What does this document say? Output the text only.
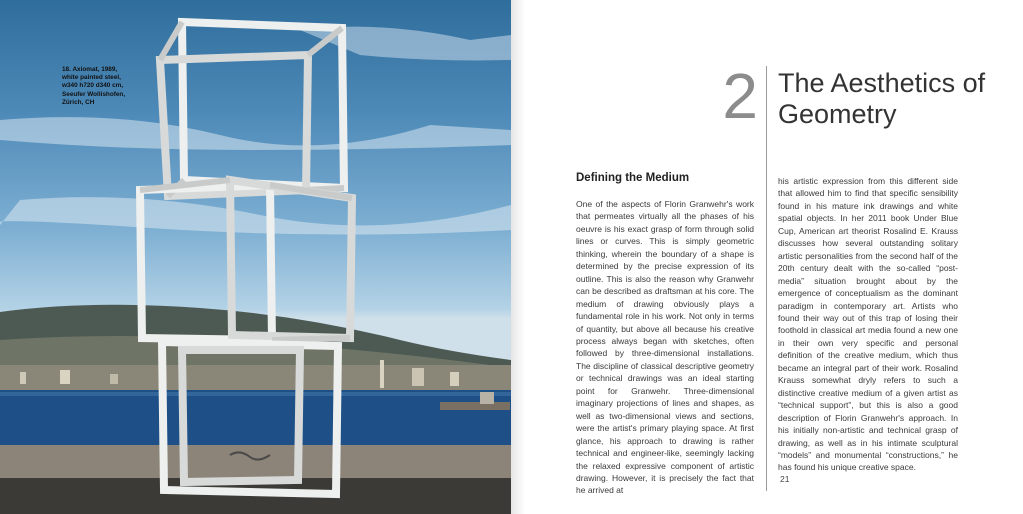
18. Axiomat, 1989,
white painted steel,
w340 h720 d340 cm,
Seeufer Wollishofen,
Zürich, CH	2 The Aesthetics of Geometry
Defining the Medium
One of the aspects of Florin Granwehr's work that permeates virtually all the phases of his oeuvre is his exact grasp of form through solid lines or curves. This is simply geometric thinking, wherein the boundary of a shape is determined by the precise expression of its outline. This is also the reason why Granwehr can be described as draftsman at his core. The medium of drawing obviously plays a fundamental role in his work. Not only in terms of quantity, but above all because his creative process always began with sketches, often followed by three-dimensional installations. The discipline of classical descriptive geometry or technical drawings was an ideal starting point for Granwehr. Three-dimensional imaginary projections of lines and shapes, as well as two-dimensional views and sections, were the artist's primary playing space. At first glance, his approach to drawing is rather technical and engineer-like, seemingly lacking the relaxed expressive component of artistic drawing. However, it is precisely the fact that he arrived at
his artistic expression from this different side that allowed him to find that specific sensibility found in his mature ink drawings and white spatial objects. In her 2011 book Under Blue Cup, American art theorist Rosalind E. Krauss discusses how several outstanding solitary artistic personalities from the second half of the 20th century dealt with the so-called “post-media” situation brought about by the emergence of conceptualism as the dominant paradigm in contemporary art. Artists who found their way out of this trap of losing their foothold in classical art media found a new one in their own very specific and personal definition of the creative medium, which thus became an integral part of their work. Rosalind Krauss somewhat dryly refers to such a distinctive creative medium of a given artist as “technical support”, but this is also a good description of Florin Granwehr's approach. In his initially non-artistic and technical grasp of drawing, as well as in his intimate sculptural “models” and monumental “constructions,” he has found his unique creative space.
21
